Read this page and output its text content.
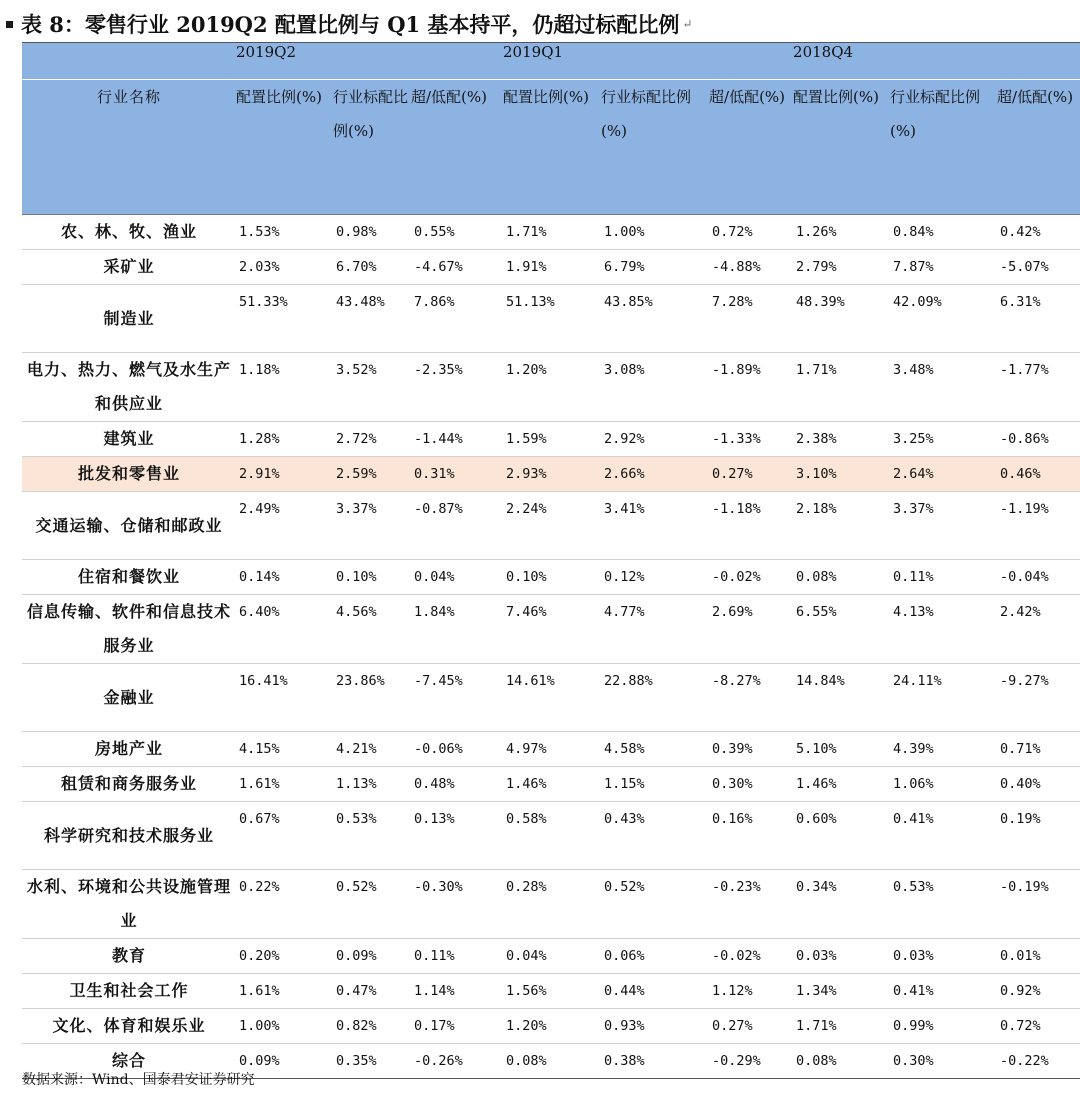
表 8：零售行业 2019Q2 配置比例与 Q1 基本持平，仍超过标配比例 ↵
	2019Q2			2019Q1			2018Q4		
行业名称	配置比例(%)	行业标配比例(%)	超/低配(%)	配置比例(%)	行业标配比例(%)	超/低配(%)	配置比例(%)	行业标配比例(%)	超/低配(%)
农、林、牧、渔业	1.53%	0.98%	0.55%	1.71%	1.00%	0.72%	1.26%	0.84%	0.42%
采矿业	2.03%	6.70%	-4.67%	1.91%	6.79%	-4.88%	2.79%	7.87%	-5.07%
制造业	51.33%	43.48%	7.86%	51.13%	43.85%	7.28%	48.39%	42.09%	6.31%
电力、热力、燃气及水生产和供应业	1.18%	3.52%	-2.35%	1.20%	3.08%	-1.89%	1.71%	3.48%	-1.77%
建筑业	1.28%	2.72%	-1.44%	1.59%	2.92%	-1.33%	2.38%	3.25%	-0.86%
批发和零售业	2.91%	2.59%	0.31%	2.93%	2.66%	0.27%	3.10%	2.64%	0.46%
交通运输、仓储和邮政业	2.49%	3.37%	-0.87%	2.24%	3.41%	-1.18%	2.18%	3.37%	-1.19%
住宿和餐饮业	0.14%	0.10%	0.04%	0.10%	0.12%	-0.02%	0.08%	0.11%	-0.04%
信息传输、软件和信息技术服务业	6.40%	4.56%	1.84%	7.46%	4.77%	2.69%	6.55%	4.13%	2.42%
金融业	16.41%	23.86%	-7.45%	14.61%	22.88%	-8.27%	14.84%	24.11%	-9.27%
房地产业	4.15%	4.21%	-0.06%	4.97%	4.58%	0.39%	5.10%	4.39%	0.71%
租赁和商务服务业	1.61%	1.13%	0.48%	1.46%	1.15%	0.30%	1.46%	1.06%	0.40%
科学研究和技术服务业	0.67%	0.53%	0.13%	0.58%	0.43%	0.16%	0.60%	0.41%	0.19%
水利、环境和公共设施管理业	0.22%	0.52%	-0.30%	0.28%	0.52%	-0.23%	0.34%	0.53%	-0.19%
教育	0.20%	0.09%	0.11%	0.04%	0.06%	-0.02%	0.03%	0.03%	0.01%
卫生和社会工作	1.61%	0.47%	1.14%	1.56%	0.44%	1.12%	1.34%	0.41%	0.92%
文化、体育和娱乐业	1.00%	0.82%	0.17%	1.20%	0.93%	0.27%	1.71%	0.99%	0.72%
综合	0.09%	0.35%	-0.26%	0.08%	0.38%	-0.29%	0.08%	0.30%	-0.22%
数据来源：Wind、国泰君安证券研究
